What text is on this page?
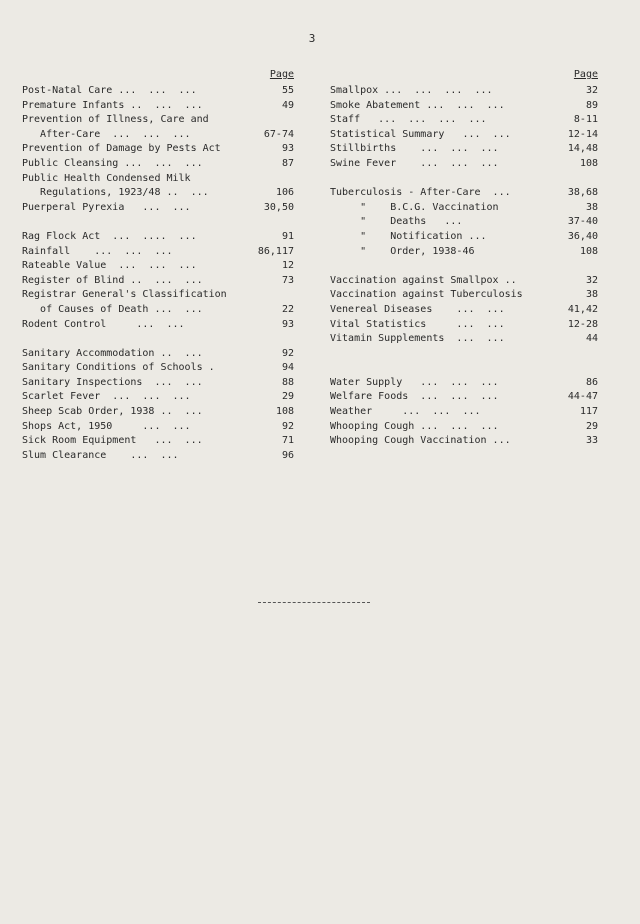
3
Page
Post-Natal Care ...  ...  ...	55
Premature Infants ..  ...  ...	49
Prevention of Illness, Care and
After-Care  ...  ...  ...	67-74
Prevention of Damage by Pests Act	93
Public Cleansing ...  ...  ...	87
Public Health Condensed Milk
Regulations, 1923/48 ..  ...	106
Puerperal Pyrexia   ...  ...	30,50
Rag Flock Act  ...  ....  ...	91
Rainfall    ...  ...  ...	86,117
Rateable Value  ...  ...  ...	12
Register of Blind ..  ...  ...	73
Registrar General's Classification
of Causes of Death ...  ...	22
Rodent Control     ...  ...	93
Sanitary Accommodation ..  ...	92
Sanitary Conditions of Schools .	94
Sanitary Inspections  ...  ...	88
Scarlet Fever  ...  ...  ...	29
Sheep Scab Order, 1938 ..  ...	108
Shops Act, 1950     ...  ...	92
Sick Room Equipment   ...  ...	71
Slum Clearance    ...  ...	96
Page
Smallpox ...  ...  ...  ...	32
Smoke Abatement ...  ...  ...	89
Staff   ...  ...  ...  ...	8-11
Statistical Summary   ...  ...	12-14
Stillbirths    ...  ...  ...	14,48
Swine Fever    ...  ...  ...	108
Tuberculosis - After-Care  ...	38,68
"    B.C.G. Vaccination	38
"    Deaths   ...	37-40
"    Notification ...	36,40
"    Order, 1938-46	108
Vaccination against Smallpox ..	32
Vaccination against Tuberculosis	38
Venereal Diseases    ...  ...	41,42
Vital Statistics     ...  ...	12-28
Vitamin Supplements  ...  ...	44
Water Supply   ...  ...  ...	86
Welfare Foods  ...  ...  ...	44-47
Weather     ...  ...  ...	117
Whooping Cough ...  ...  ...	29
Whooping Cough Vaccination ...	33
